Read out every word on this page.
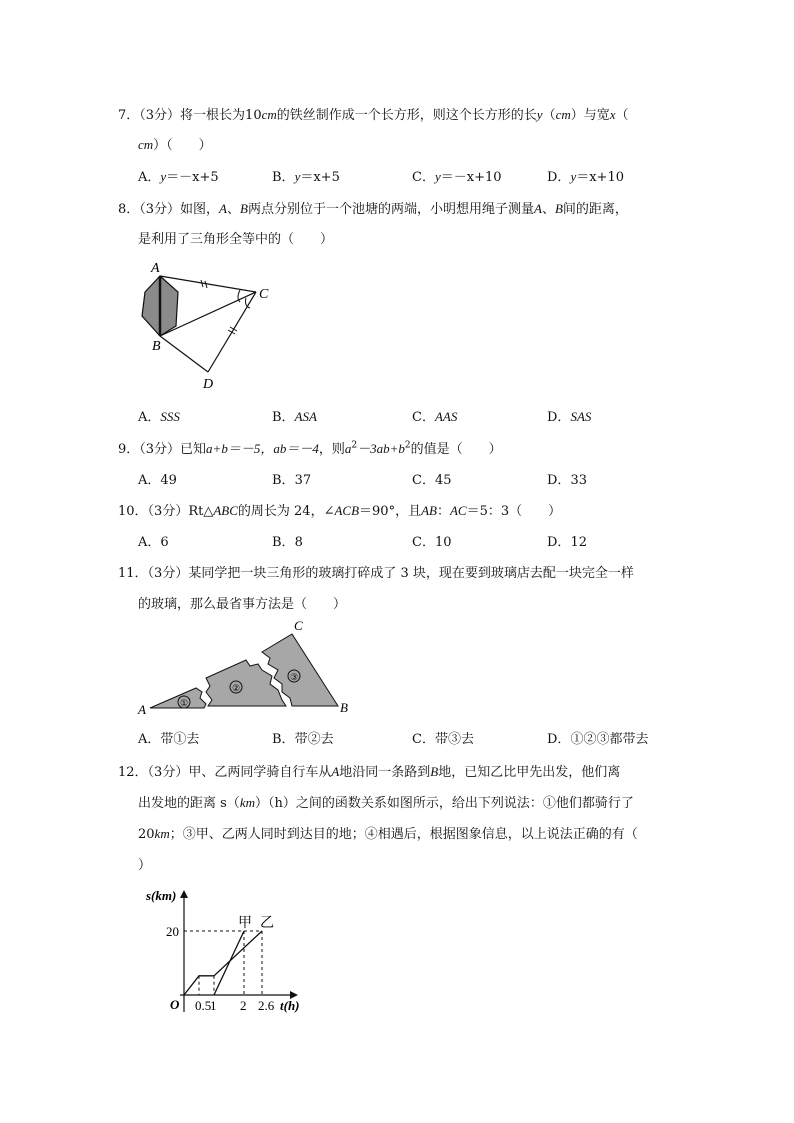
7．（3分）将一根长为10cm的铁丝制作成一个长方形，则这个长方形的长y（cm）与宽x（
cm）（　　）
A．y＝－x+5	B．y＝x+5	C．y＝－x+10	D．y＝x+10
8．（3分）如图，A、B两点分别位于一个池塘的两端，小明想用绳子测量A、B间的距离，
是利用了三角形全等中的（　　）
A
B
C
D
A．SSS	B．ASA	C．AAS	D．SAS
9．（3分）已知a+b＝－5，ab＝－4，则$a^2-3ab+b^2$的值是（　　）
A．49	B．37	C．45	D．33
10．（3分）Rt△ABC的周长为 24，∠ACB＝90°，且AB：AC＝5：3（　　）
A．6	B．8	C．10	D．12
11．（3分）某同学把一块三角形的玻璃打碎成了 3 块，现在要到玻璃店去配一块完全一样
的玻璃，那么最省事方法是（　　）
①
②
③
A	B
C
A．带①去	B．带②去	C．带③去	D．①②③都带去
12．（3分）甲、乙两同学骑自行车从A地沿同一条路到B地，已知乙比甲先出发，他们离
出发地的距离 s（km）（h）之间的函数关系如图所示，给出下列说法：①他们都骑行了
20km；③甲、乙两人同时到达目的地；④相遇后，根据图象信息，以上说法正确的有（
）
s(km)
t(h)
O
20
0.5
1 2 2.6
甲 乙
